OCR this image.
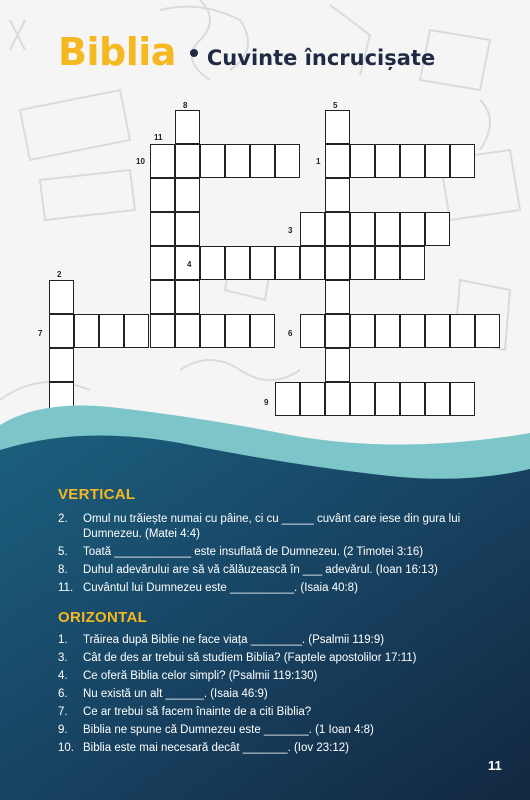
Biblia Cuvinte încrucișate
8	5
11
10	1
3
4
2
7	6
9
VERTICAL
2.	Omul nu trăiește numai cu pâine, ci cu _____ cuvânt care iese din gura lui Dumnezeu. (Matei 4:4)
5.	Toată ____________ este insuflată de Dumnezeu. (2 Timotei 3:16)
8.	Duhul adevărului are să vă călăuzească în ___ adevărul. (Ioan 16:13)
11. Cuvântul lui Dumnezeu este __________. (Isaia 40:8)
ORIZONTAL
1.	Trăirea după Biblie ne face viața ________. (Psalmii 119:9)
3.	Cât de des ar trebui să studiem Biblia? (Faptele apostolilor 17:11)
4.	Ce oferă Biblia celor simpli? (Psalmii 119:130)
6.	Nu există un alt ______. (Isaia 46:9)
7.	Ce ar trebui să facem înainte de a citi Biblia?
9.	Biblia ne spune că Dumnezeu este _______. (1 Ioan 4:8)
10. Biblia este mai necesară decât _______. (Iov 23:12)
11
